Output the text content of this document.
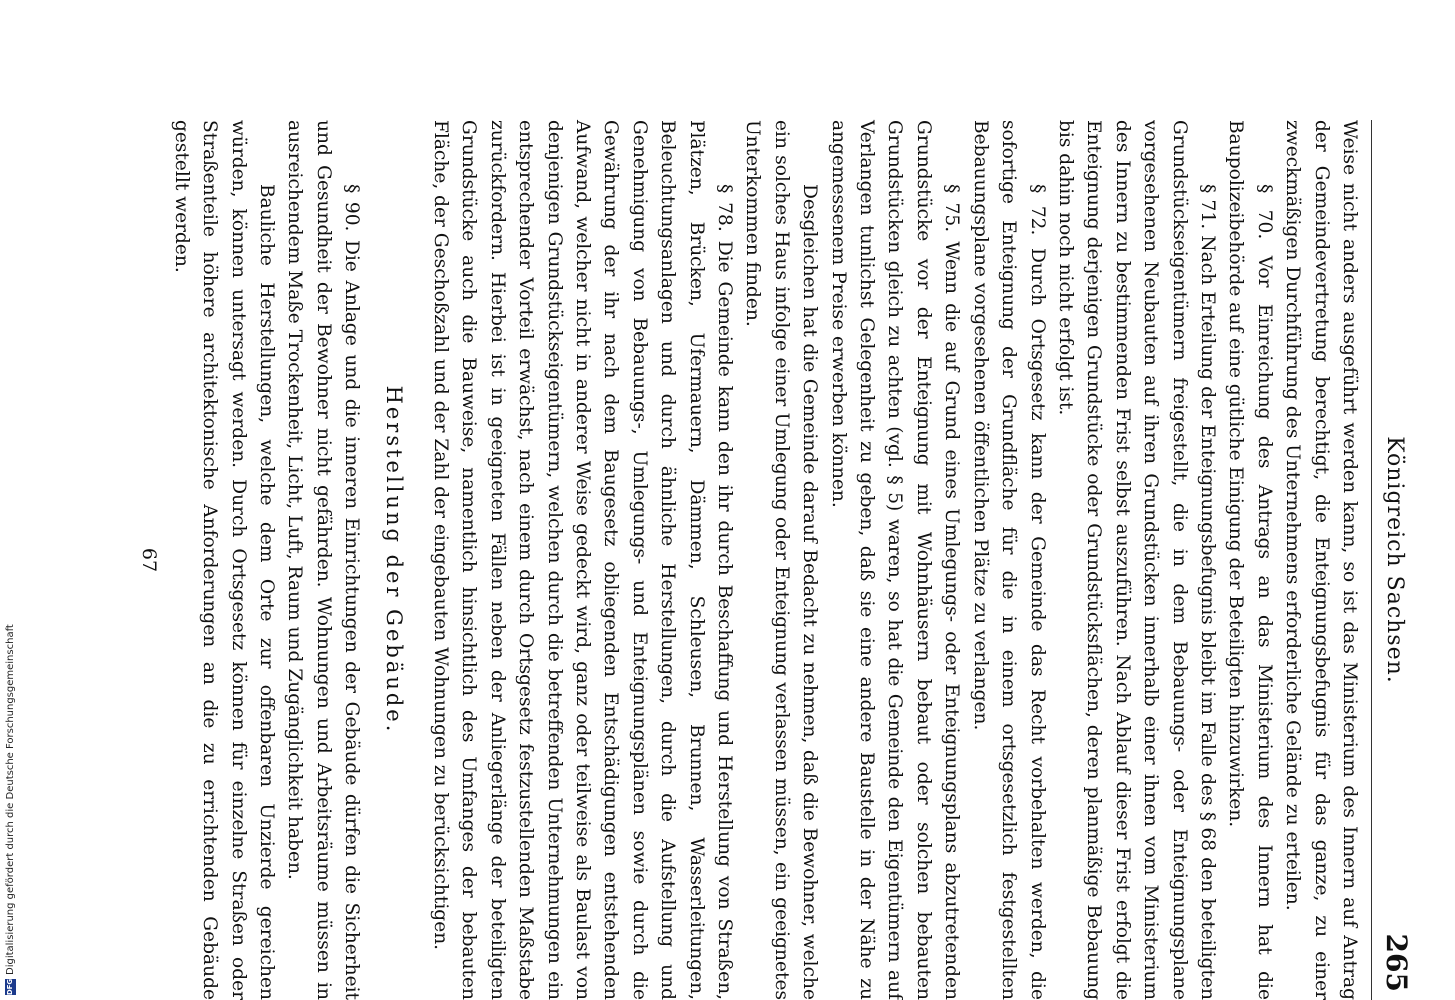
Königreich Sachsen.
265

Weise nicht anders ausgeführt werden kann, so ist das Ministerium des Innern auf Antrag der Gemeindevertretung berechtigt, die Enteignungsbefugnis für das ganze, zu einer zweckmäßigen Durchführung des Unternehmens erforderliche Gelände zu erteilen.

§ 70. Vor Einreichung des Antrags an das Ministerium des Innern hat die Baupolizeibehörde auf eine gütliche Einigung der Beteiligten hinzuwirken.

§ 71. Nach Erteilung der Enteignungsbefugnis bleibt im Falle des § 68 den beteiligten Grundstückseigentümern freigestellt, die in dem Bebauungs- oder Enteignungsplane vorgesehenen Neubauten auf ihren Grundstücken innerhalb einer ihnen vom Ministerium des Innern zu bestimmenden Frist selbst auszuführen. Nach Ablauf dieser Frist erfolgt die Enteignung derjenigen Grundstücke oder Grundstücksflächen, deren planmäßige Bebauung bis dahin noch nicht erfolgt ist.

§ 72. Durch Ortsgesetz kann der Gemeinde das Recht vorbehalten werden, die sofortige Enteignung der Grundfläche für die in einem ortsgesetzlich festgestellten Bebauungsplane vorgesehenen öffentlichen Plätze zu verlangen.

§ 75. Wenn die auf Grund eines Umlegungs- oder Enteignungsplans abzutretenden Grundstücke vor der Enteignung mit Wohnhäusern bebaut oder solchen bebauten Grundstücken gleich zu achten (vgl. § 5) waren, so hat die Gemeinde den Eigentümern auf Verlangen tunlichst Gelegenheit zu geben, daß sie eine andere Baustelle in der Nähe zu angemessenem Preise erwerben können.

Desgleichen hat die Gemeinde darauf Bedacht zu nehmen, daß die Bewohner, welche ein solches Haus infolge einer Umlegung oder Enteignung verlassen müssen, ein geeignetes Unterkommen finden.

§ 78. Die Gemeinde kann den ihr durch Beschaffung und Herstellung von Straßen, Plätzen, Brücken, Ufermauern, Dämmen, Schleusen, Brunnen, Wasserleitungen, Beleuchtungsanlagen und durch ähnliche Herstellungen, durch die Aufstellung und Genehmigung von Bebauungs-, Umlegungs- und Enteignungsplänen sowie durch die Gewährung der ihr nach dem Baugesetz obliegenden Entschädigungen entstehenden Aufwand, welcher nicht in anderer Weise gedeckt wird, ganz oder teilweise als Baulast von denjenigen Grundstückseigentümern, welchen durch die betreffenden Unternehmungen ein entsprechender Vorteil erwächst, nach einem durch Ortsgesetz festzustellenden Maßstabe zurückfordern. Hierbei ist in geeigneten Fällen neben der Anliegerlänge der beteiligten Grundstücke auch die Bauweise, namentlich hinsichtlich des Umfanges der bebauten Fläche, der Geschoßzahl und der Zahl der eingebauten Wohnungen zu berücksichtigen.

Herstellung der Gebäude.

§ 90. Die Anlage und die inneren Einrichtungen der Gebäude dürfen die Sicherheit und Gesundheit der Bewohner nicht gefährden. Wohnungen und Arbeitsräume müssen in ausreichendem Maße Trockenheit, Licht, Luft, Raum und Zugänglichkeit haben.

Bauliche Herstellungen, welche dem Orte zur offenbaren Unzierde gereichen würden, können untersagt werden. Durch Ortsgesetz können für einzelne Straßen oder Straßenteile höhere architektonische Anforderungen an die zu errichtenden Gebäude gestellt werden.

67
DFG
Digitalisierung gefördert durch die Deutsche Forschungsgemeinschaft
